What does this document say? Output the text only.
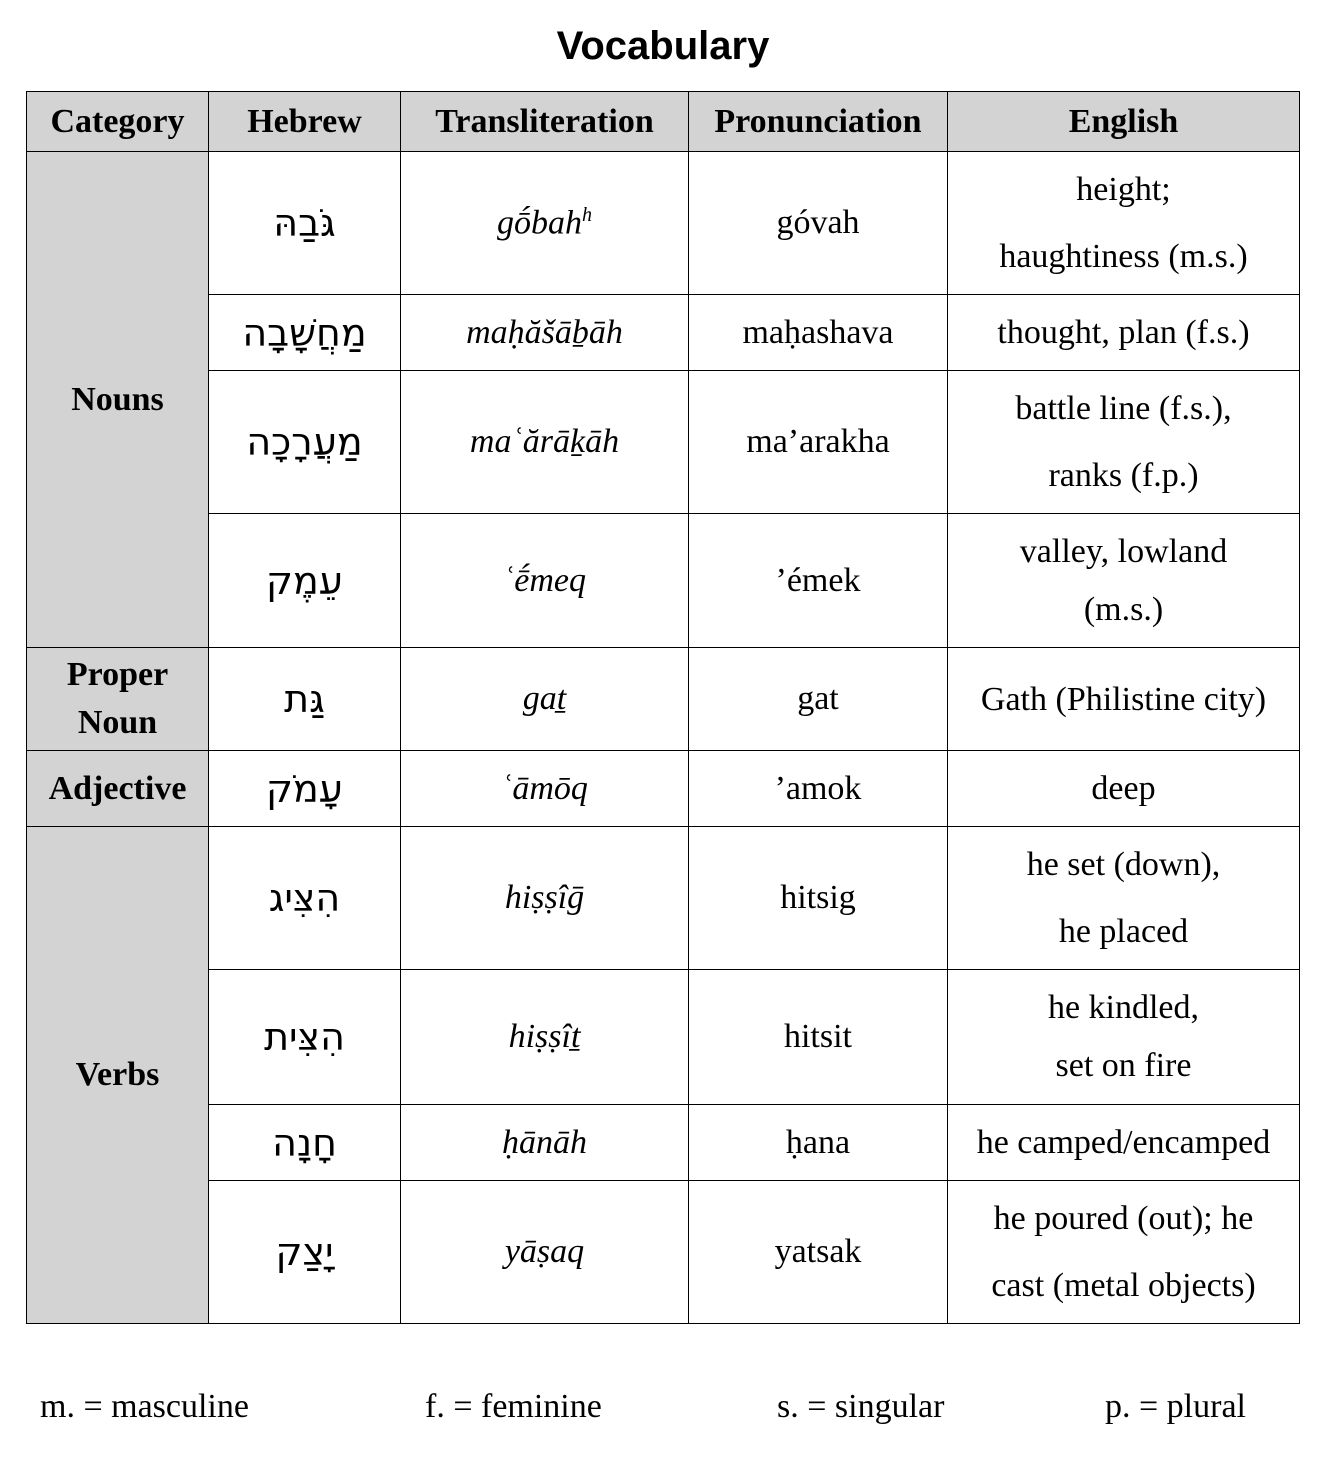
Vocabulary
Category	Hebrew	Transliteration	Pronunciation	English
Nouns	גֹּבַהּ	gṓbah$^h$	góvah	height;
haughtiness (m.s.)
	מַחֲשָׁבָה	maḥăšāḇāh	maḥashava	thought, plan (f.s.)
	מַעֲרָכָה	maʿărāḵāh	ma’arakha	battle line (f.s.),
ranks (f.p.)
	עֵמֶק	ʿḗmeq	’émek	valley, lowland
(m.s.)
Proper
Noun	גַּת	gaṯ	gat	Gath (Philistine city)
Adjective	עָמֹק	ʿāmōq	’amok	deep
Verbs	הִצִּיג	hiṣṣîḡ	hitsig	he set (down),
he placed
	הִצִּית	hiṣṣîṯ	hitsit	he kindled,
set on fire
	חָנָה	ḥānāh	ḥana	he camped/encamped
	יָצַק	yāṣaq	yatsak	he poured (out); he
cast (metal objects)
m. = masculine	f. = feminine	s. = singular	p. = plural
